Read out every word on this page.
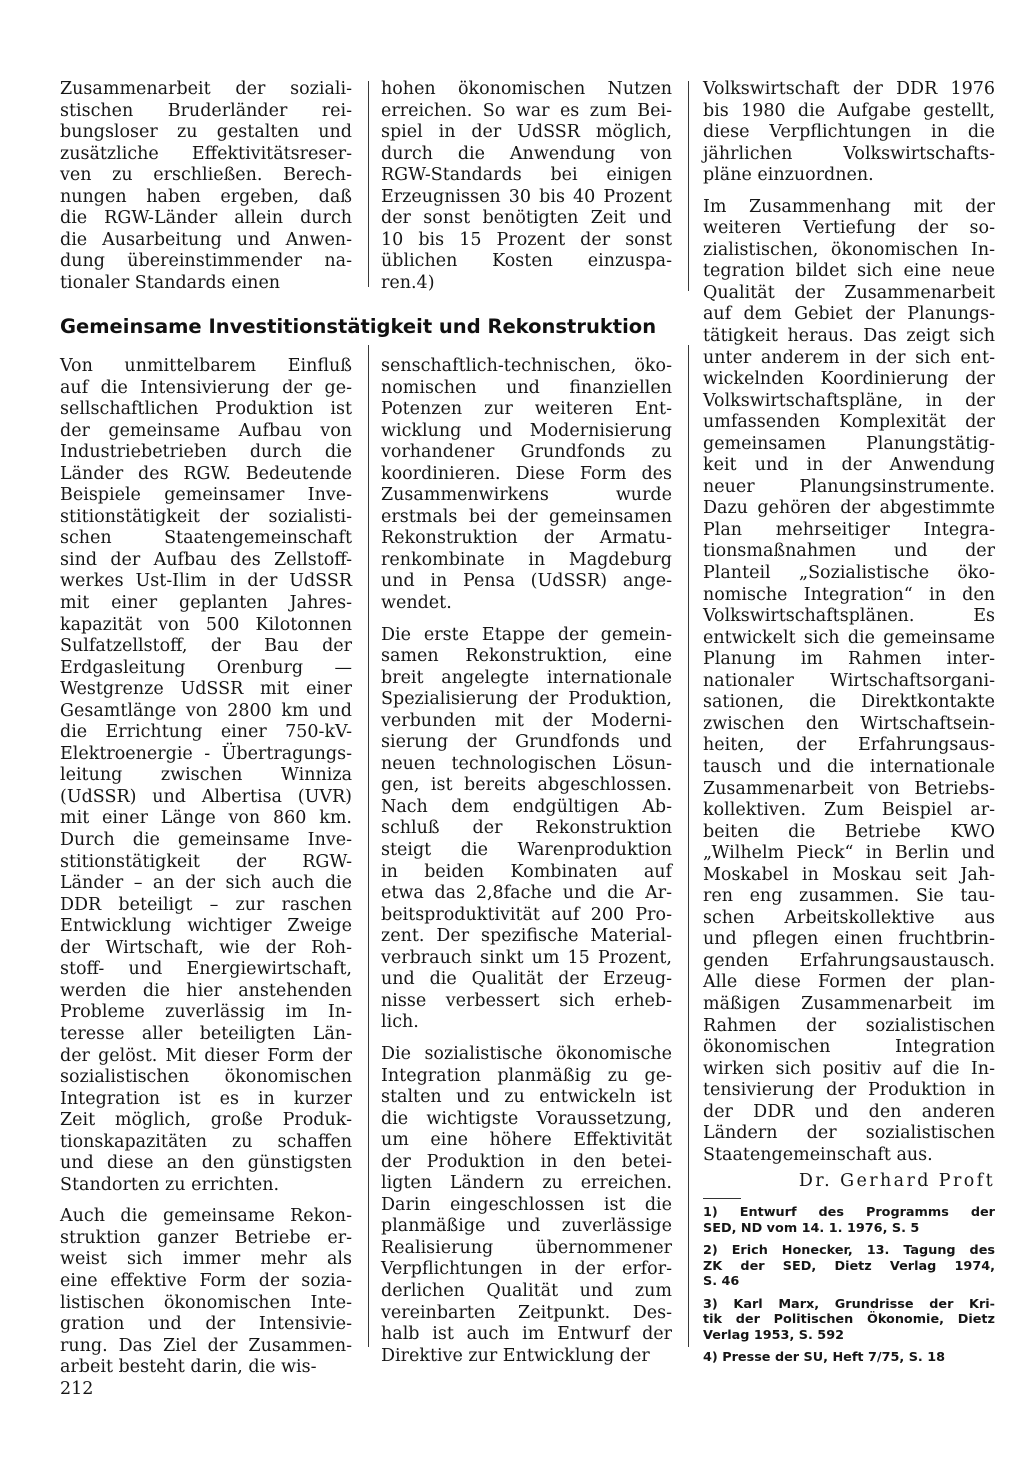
Zusammenarbeit der soziali-
stischen Bruderländer rei-
bungsloser zu gestalten und
zusätzliche Effektivitätsreser-
ven zu erschließen. Berech-
nungen haben ergeben, daß
die RGW-Länder allein durch
die Ausarbeitung und Anwen-
dung übereinstimmender na-
tionaler Standards einen

hohen ökonomischen Nutzen
erreichen. So war es zum Bei-
spiel in der UdSSR möglich,
durch die Anwendung von
RGW-Standards bei einigen
Erzeugnissen 30 bis 40 Prozent
der sonst benötigten Zeit und
10 bis 15 Prozent der sonst
üblichen Kosten einzuspa-
ren.4)

Gemeinsame Investitionstätigkeit und Rekonstruktion

Von unmittelbarem Einfluß
auf die Intensivierung der ge-
sellschaftlichen Produktion ist
der gemeinsame Aufbau von
Industriebetrieben durch die
Länder des RGW. Bedeutende
Beispiele gemeinsamer Inve-
stitionstätigkeit der sozialisti-
schen Staatengemeinschaft
sind der Aufbau des Zellstoff-
werkes Ust-Ilim in der UdSSR
mit einer geplanten Jahres-
kapazität von 500 Kilotonnen
Sulfatzellstoff, der Bau der
Erdgasleitung Orenburg —
Westgrenze UdSSR mit einer
Gesamtlänge von 2800 km und
die Errichtung einer 750-kV-
Elektroenergie - Übertragungs-
leitung zwischen Winniza
(UdSSR) und Albertisa (UVR)
mit einer Länge von 860 km.
Durch die gemeinsame Inve-
stitionstätigkeit der RGW-
Länder – an der sich auch die
DDR beteiligt – zur raschen
Entwicklung wichtiger Zweige
der Wirtschaft, wie der Roh-
stoff- und Energiewirtschaft,
werden die hier anstehenden
Probleme zuverlässig im In-
teresse aller beteiligten Län-
der gelöst. Mit dieser Form der
sozialistischen ökonomischen
Integration ist es in kurzer
Zeit möglich, große Produk-
tionskapazitäten zu schaffen
und diese an den günstigsten
Standorten zu errichten.

Auch die gemeinsame Rekon-
struktion ganzer Betriebe er-
weist sich immer mehr als
eine effektive Form der sozia-
listischen ökonomischen Inte-
gration und der Intensivie-
rung. Das Ziel der Zusammen-
arbeit besteht darin, die wis-

senschaftlich-technischen, öko-
nomischen und finanziellen
Potenzen zur weiteren Ent-
wicklung und Modernisierung
vorhandener Grundfonds zu
koordinieren. Diese Form des
Zusammenwirkens wurde
erstmals bei der gemeinsamen
Rekonstruktion der Armatu-
renkombinate in Magdeburg
und in Pensa (UdSSR) ange-
wendet.

Die erste Etappe der gemein-
samen Rekonstruktion, eine
breit angelegte internationale
Spezialisierung der Produktion,
verbunden mit der Moderni-
sierung der Grundfonds und
neuen technologischen Lösun-
gen, ist bereits abgeschlossen.
Nach dem endgültigen Ab-
schluß der Rekonstruktion
steigt die Warenproduktion
in beiden Kombinaten auf
etwa das 2,8fache und die Ar-
beitsproduktivität auf 200 Pro-
zent. Der spezifische Material-
verbrauch sinkt um 15 Prozent,
und die Qualität der Erzeug-
nisse verbessert sich erheb-
lich.

Die sozialistische ökonomische
Integration planmäßig zu ge-
stalten und zu entwickeln ist
die wichtigste Voraussetzung,
um eine höhere Effektivität
der Produktion in den betei-
ligten Ländern zu erreichen.
Darin eingeschlossen ist die
planmäßige und zuverlässige
Realisierung übernommener
Verpflichtungen in der erfor-
derlichen Qualität und zum
vereinbarten Zeitpunkt. Des-
halb ist auch im Entwurf der
Direktive zur Entwicklung der

Volkswirtschaft der DDR 1976
bis 1980 die Aufgabe gestellt,
diese Verpflichtungen in die
jährlichen Volkswirtschafts-
pläne einzuordnen.

Im Zusammenhang mit der
weiteren Vertiefung der so-
zialistischen, ökonomischen In-
tegration bildet sich eine neue
Qualität der Zusammenarbeit
auf dem Gebiet der Planungs-
tätigkeit heraus. Das zeigt sich
unter anderem in der sich ent-
wickelnden Koordinierung der
Volkswirtschaftspläne, in der
umfassenden Komplexität der
gemeinsamen Planungstätig-
keit und in der Anwendung
neuer Planungsinstrumente.
Dazu gehören der abgestimmte
Plan mehrseitiger Integra-
tionsmaßnahmen und der
Planteil „Sozialistische öko-
nomische Integration“ in den
Volkswirtschaftsplänen. Es
entwickelt sich die gemeinsame
Planung im Rahmen inter-
nationaler Wirtschaftsorgani-
sationen, die Direktkontakte
zwischen den Wirtschaftsein-
heiten, der Erfahrungsaus-
tausch und die internationale
Zusammenarbeit von Betriebs-
kollektiven. Zum Beispiel ar-
beiten die Betriebe KWO
„Wilhelm Pieck“ in Berlin und
Moskabel in Moskau seit Jah-
ren eng zusammen. Sie tau-
schen Arbeitskollektive aus
und pflegen einen fruchtbrin-
genden Erfahrungsaustausch.
Alle diese Formen der plan-
mäßigen Zusammenarbeit im
Rahmen der sozialistischen
ökonomischen Integration
wirken sich positiv auf die In-
tensivierung der Produktion in
der DDR und den anderen
Ländern der sozialistischen
Staatengemeinschaft aus.

Dr. Gerhard Proft
1) Entwurf des Programms der
SED, ND vom 14. 1. 1976, S. 5
2) Erich Honecker, 13. Tagung des
ZK der SED, Dietz Verlag 1974,
S. 46
3) Karl Marx, Grundrisse der Kri-
tik der Politischen Ökonomie, Dietz
Verlag 1953, S. 592
4) Presse der SU, Heft 7/75, S. 18

212
